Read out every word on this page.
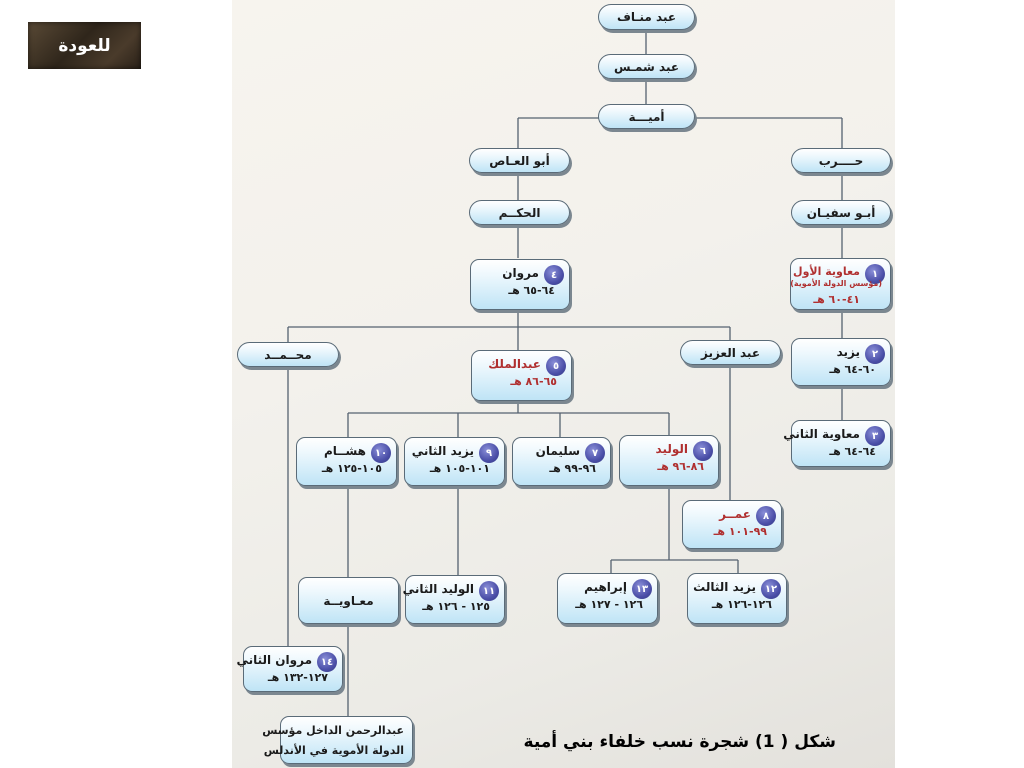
للعودة
عبد منـاف
عبد شمـس
أميـــة
أبو العـاص	حــــرب
الحكــم	أبـو سفيـان
محــمــد	عبد العزيز
معـاويــة
٤
مروان
٦٤-٦٥ هـ
١
معاوية الأول
(مؤسس الدولة الأموية)
٤١-٦٠ هـ
٥
عبدالملك
٦٥-٨٦ هـ
٢
يزيد
٦٠-٦٤ هـ
٣
معاوية الثاني
٦٤-٦٤ هـ
١٠
هشــام
١٠٥-١٢٥ هـ
٩
يزيد الثاني
١٠١-١٠٥ هـ
٧
سليمان
٩٦-٩٩ هـ
٦
الوليد
٨٦-٩٦ هـ
٨
عمــر
٩٩-١٠١ هـ
١١
الوليد الثاني
١٢٥ - ١٢٦ هـ
١٣
إبراهيم
١٢٦ - ١٢٧ هـ
١٢
يزيد الثالث
١٢٦-١٢٦ هـ
١٤
مروان الثاني
١٢٧-١٣٢ هـ
عبدالرحمن الداخل مؤسس
الدولة الأموية في الأندلس	شكل ( 1) شجرة نسب خلفاء بني أمية
